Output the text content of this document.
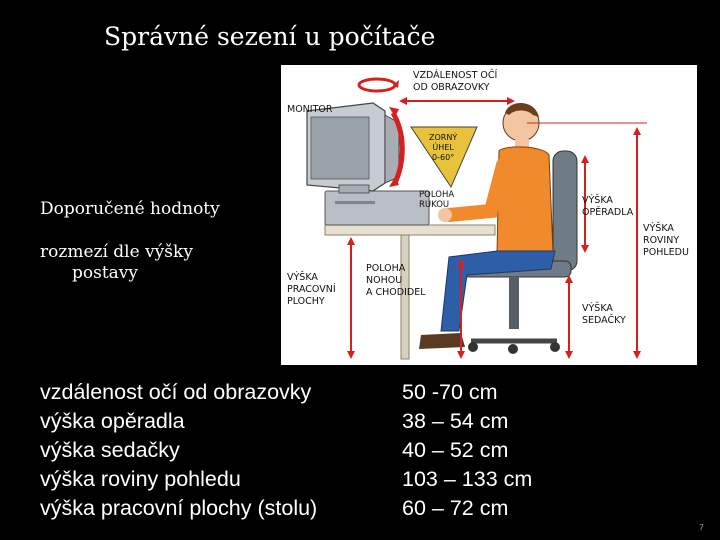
Správné sezení u počítače
Doporučené hodnoty
rozmezí dle výšky
postavy
VZDÁLENOST OČÍ
OD OBRAZOVKY
MONITOR
ZORNÝ
ÚHEL
0-60°
POLOHA
RUKOU	VÝŠKA
OPĚRADLA
VÝŠKA
ROVINY
POHLEDU
VÝŠKA
PRACOVNÍ
PLOCHY
POLOHA
NOHOU
A CHODIDEL
VÝŠKA
SEDAČKY
vzdálenost očí od obrazovky	50 -70 cm
výška opěradla	38 – 54 cm
výška sedačky	40 – 52 cm
výška roviny pohledu	103 – 133 cm
výška pracovní plochy (stolu)	60 – 72 cm
7
